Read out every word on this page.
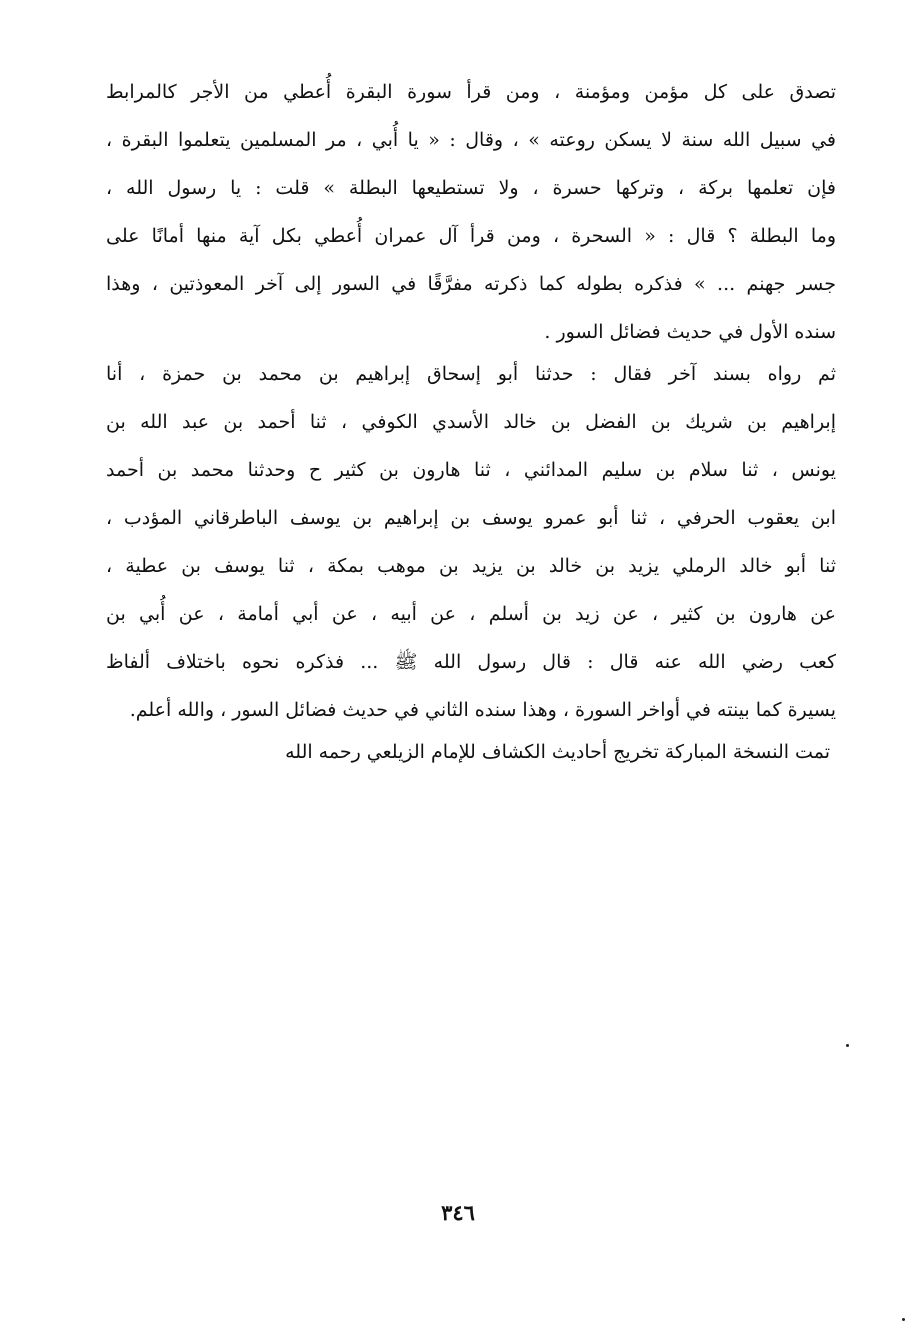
تصدق على كل مؤمن ومؤمنة ، ومن قرأ سورة البقرة أُعطي من الأجر كالمرابط
في سبيل الله سنة لا يسكن روعته » ، وقال : « يا أُبي ، مر المسلمين يتعلموا البقرة ،
فإن تعلمها بركة ، وتركها حسرة ، ولا تستطيعها البطلة » قلت : يا رسول الله ،
وما البطلة ؟ قال : « السحرة ، ومن قرأ آل عمران أُعطي بكل آية منها أمانًا على
جسر جهنم ... » فذكره بطوله كما ذكرته مفرَّقًا في السور إلى آخر المعوذتين ، وهذا
سنده الأول في حديث فضائل السور .
ثم رواه بسند آخر فقال : حدثنا أبو إسحاق إبراهيم بن محمد بن حمزة ، أنا
إبراهيم بن شريك بن الفضل بن خالد الأسدي الكوفي ، ثنا أحمد بن عبد الله بن
يونس ، ثنا سلام بن سليم المدائني ، ثنا هارون بن كثير ح وحدثنا محمد بن أحمد
ابن يعقوب الحرفي ، ثنا أبو عمرو يوسف بن إبراهيم بن يوسف الباطرقاني المؤدب ،
ثنا أبو خالد الرملي يزيد بن خالد بن يزيد بن موهب بمكة ، ثنا يوسف بن عطية ،
عن هارون بن كثير ، عن زيد بن أسلم ، عن أبيه ، عن أبي أمامة ، عن أُبي بن
كعب رضي الله عنه قال : قال رسول الله ﷺ ... فذكره نحوه باختلاف ألفاظ
يسيرة كما بينته في أواخر السورة ، وهذا سنده الثاني في حديث فضائل السور ، والله أعلم.
تمت النسخة المباركة تخريج أحاديث الكشاف للإمام الزيلعي رحمه الله
٣٤٦
